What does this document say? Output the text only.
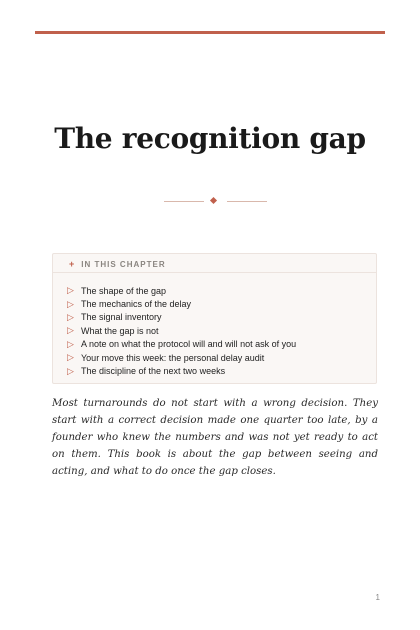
The recognition gap
+ IN THIS CHAPTER
▷ The shape of the gap
▷ The mechanics of the delay
▷ The signal inventory
▷ What the gap is not
▷ A note on what the protocol will and will not ask of you
▷ Your move this week: the personal delay audit
▷ The discipline of the next two weeks

Most turnarounds do not start with a wrong decision. They start with a correct decision made one quarter too late, by a founder who knew the numbers and was not yet ready to act on them. This book is about the gap between seeing and acting, and what to do once the gap closes.

1
